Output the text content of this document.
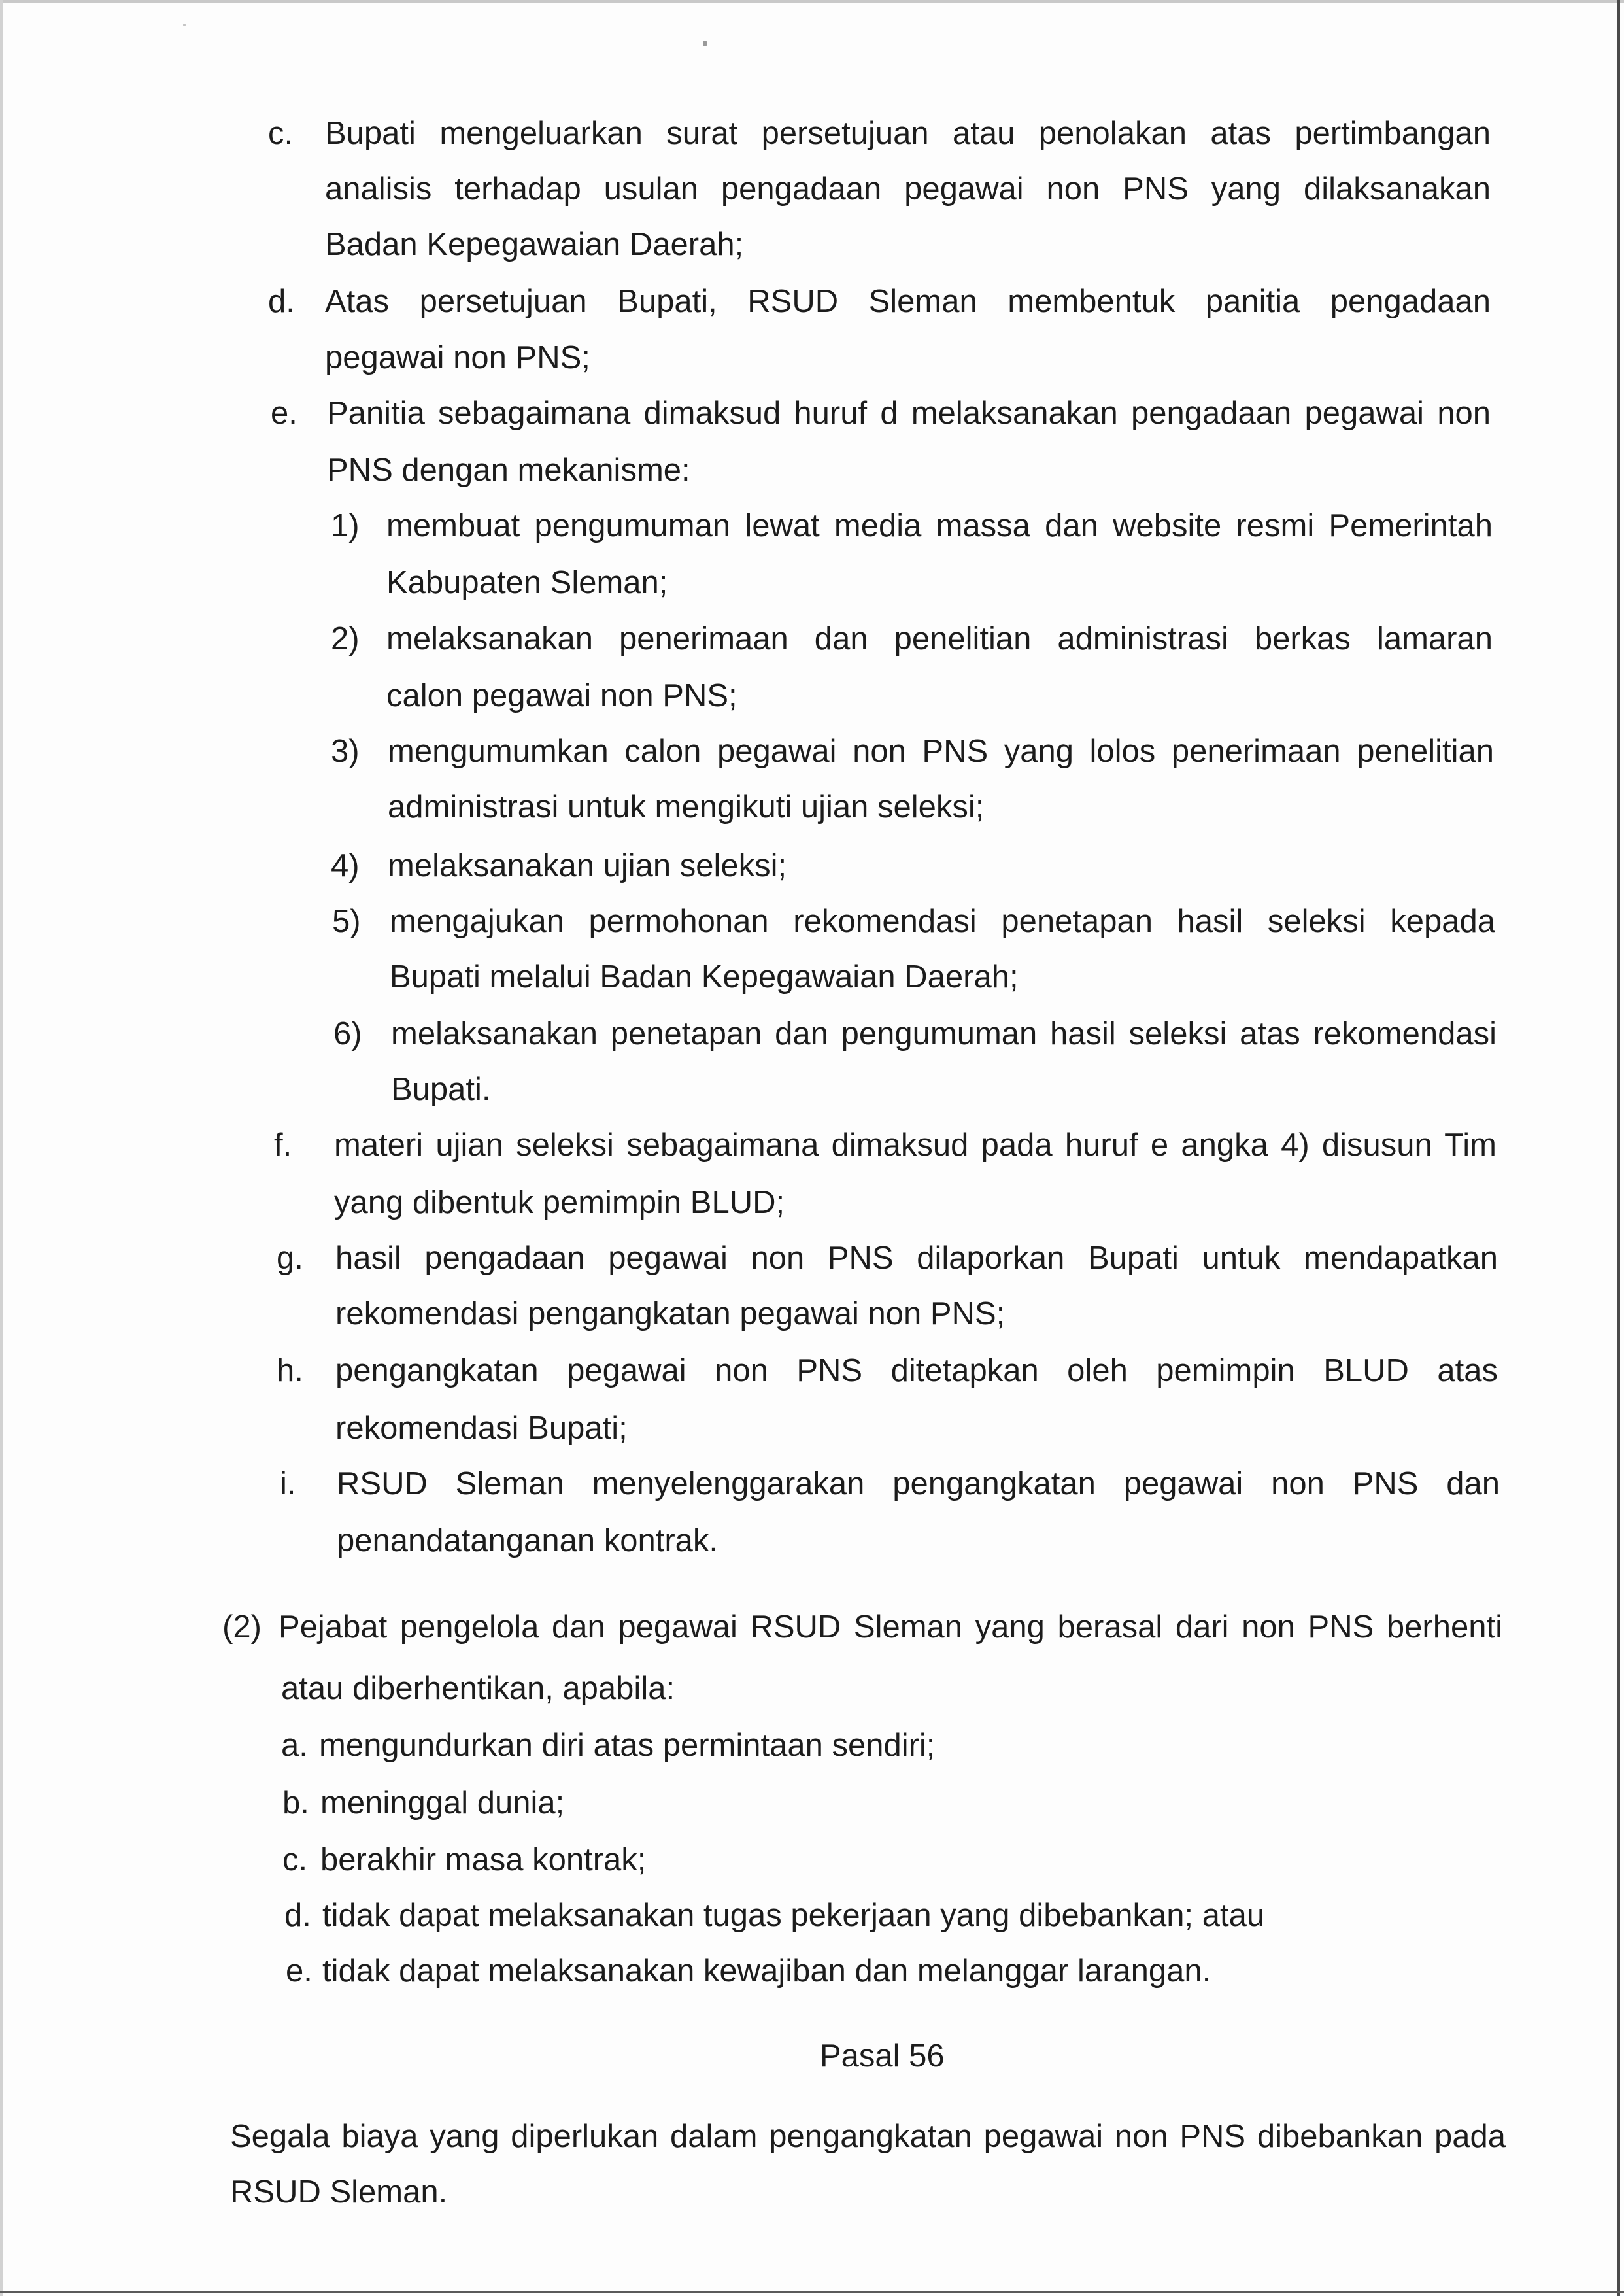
c. Bupati mengeluarkan surat persetujuan atau penolakan atas pertimbangan
analisis terhadap usulan pengadaan pegawai non PNS yang dilaksanakan
Badan Kepegawaian Daerah;
d. Atas persetujuan Bupati, RSUD Sleman membentuk panitia pengadaan
pegawai non PNS;
e. Panitia sebagaimana dimaksud huruf d melaksanakan pengadaan pegawai non
PNS dengan mekanisme:
1) membuat pengumuman lewat media massa dan website resmi Pemerintah
Kabupaten Sleman;
2) melaksanakan penerimaan dan penelitian administrasi berkas lamaran
calon pegawai non PNS;
3) mengumumkan calon pegawai non PNS yang lolos penerimaan penelitian
administrasi untuk mengikuti ujian seleksi;
4) melaksanakan ujian seleksi;
5) mengajukan permohonan rekomendasi penetapan hasil seleksi kepada
Bupati melalui Badan Kepegawaian Daerah;
6) melaksanakan penetapan dan pengumuman hasil seleksi atas rekomendasi
Bupati.
f. materi ujian seleksi sebagaimana dimaksud pada huruf e angka 4) disusun Tim
yang dibentuk pemimpin BLUD;
g. hasil pengadaan pegawai non PNS dilaporkan Bupati untuk mendapatkan
rekomendasi pengangkatan pegawai non PNS;
h. pengangkatan pegawai non PNS ditetapkan oleh pemimpin BLUD atas
rekomendasi Bupati;
i. RSUD Sleman menyelenggarakan pengangkatan pegawai non PNS dan
penandatanganan kontrak.
(2) Pejabat pengelola dan pegawai RSUD Sleman yang berasal dari non PNS berhenti
atau diberhentikan, apabila:
a. mengundurkan diri atas permintaan sendiri;
b. meninggal dunia;
c. berakhir masa kontrak;
d. tidak dapat melaksanakan tugas pekerjaan yang dibebankan; atau
e. tidak dapat melaksanakan kewajiban dan melanggar larangan.
Pasal 56
Segala biaya yang diperlukan dalam pengangkatan pegawai non PNS dibebankan pada
RSUD Sleman.
